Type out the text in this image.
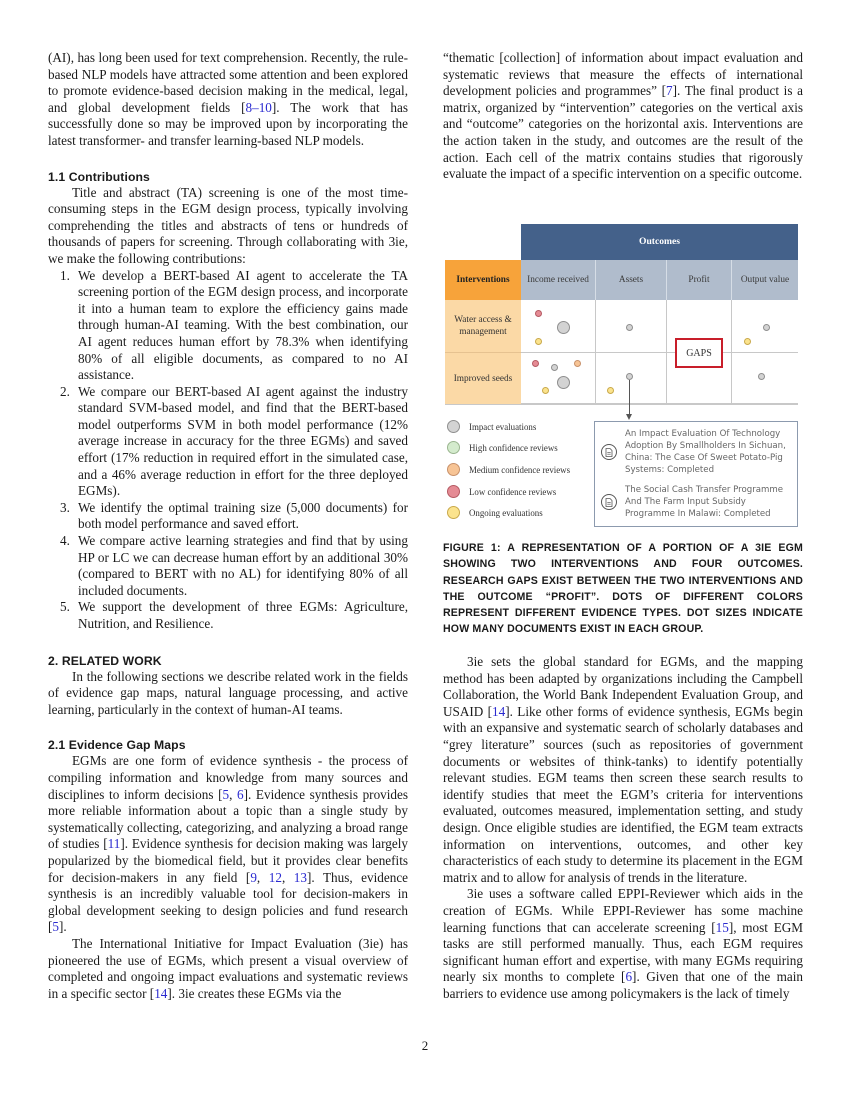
(AI), has long been used for text comprehension. Recently, the rule-based NLP models have attracted some attention and been explored to promote evidence-based decision making in the medical, legal, and global development fields [8–10]. The work that has successfully done so may be improved upon by incorporating the latest transformer- and transfer learning-based NLP models.

1.1 Contributions

Title and abstract (TA) screening is one of the most time-consuming steps in the EGM design process, typically involving comprehending the titles and abstracts of tens or hundreds of thousands of papers for screening. Through collaborating with 3ie, we make the following contributions:

1. We develop a BERT-based AI agent to accelerate the TA screening portion of the EGM design process, and incorporate it into a human team to explore the efficiency gains made through human-AI teaming. With the best combination, our AI agent reduces human effort by 78.3% when identifying 80% of all eligible documents, as compared to no AI assistance.
2. We compare our BERT-based AI agent against the industry standard SVM-based model, and find that the BERT-based model outperforms SVM in both model performance (12% average increase in accuracy for the three EGMs) and saved effort (17% reduction in required effort in the simulated case, and a 46% average reduction in effort for the three deployed EGMs).
3. We identify the optimal training size (5,000 documents) for both model performance and saved effort.
4. We compare active learning strategies and find that by using HP or LC we can decrease human effort by an additional 30% (compared to BERT with no AL) for identifying 80% of all included documents.
5. We support the development of three EGMs: Agriculture, Nutrition, and Resilience.
2. RELATED WORK

In the following sections we describe related work in the fields of evidence gap maps, natural language processing, and active learning, particularly in the context of human-AI teams.

2.1 Evidence Gap Maps

EGMs are one form of evidence synthesis - the process of compiling information and knowledge from many sources and disciplines to inform decisions [5, 6]. Evidence synthesis provides more reliable information about a topic than a single study by systematically collecting, categorizing, and analyzing a broad range of studies [11]. Evidence synthesis for decision making was largely popularized by the biomedical field, but it provides clear benefits for decision-makers in any field [9, 12, 13]. Thus, evidence synthesis is an incredibly valuable tool for decision-makers in global development seeking to design policies and fund research [5].

The International Initiative for Impact Evaluation (3ie) has pioneered the use of EGMs, which present a visual overview of completed and ongoing impact evaluations and systematic reviews in a specific sector [14]. 3ie creates these EGMs via the

“thematic [collection] of information about impact evaluation and systematic reviews that measure the effects of international development policies and programmes” [7]. The final product is a matrix, organized by “intervention” categories on the vertical axis and “outcome” categories on the horizontal axis. Interventions are the action taken in the study, and outcomes are the result of the action. Each cell of the matrix contains studies that rigorously evaluate the impact of a specific intervention on a specific outcome.

Outcomes
Interventions	Income received	Assets	Profit	Output value
Water access & management
Improved seeds
GAPS
Impact evaluations
High confidence reviews
Medium confidence reviews
Low confidence reviews
Ongoing evaluations
An Impact Evaluation Of Technology Adoption By Smallholders In Sichuan, China: The Case Of Sweet Potato-Pig Systems: Completed
The Social Cash Transfer Programme And The Farm Input Subsidy Programme In Malawi: Completed
FIGURE 1: A REPRESENTATION OF A PORTION OF A 3IE EGM SHOWING TWO INTERVENTIONS AND FOUR OUTCOMES. RESEARCH GAPS EXIST BETWEEN THE TWO INTERVENTIONS AND THE OUTCOME “PROFIT”. DOTS OF DIFFERENT COLORS REPRESENT DIFFERENT EVIDENCE TYPES. DOT SIZES INDICATE HOW MANY DOCUMENTS EXIST IN EACH GROUP.

3ie sets the global standard for EGMs, and the mapping method has been adapted by organizations including the Campbell Collaboration, the World Bank Independent Evaluation Group, and USAID [14]. Like other forms of evidence synthesis, EGMs begin with an expansive and systematic search of scholarly databases and “grey literature” sources (such as repositories of government documents or websites of think-tanks) to identify potentially relevant studies. EGM teams then screen these search results to identify studies that meet the EGM’s criteria for interventions evaluated, outcomes measured, implementation setting, and study design. Once eligible studies are identified, the EGM team extracts information on interventions, outcomes, and other key characteristics of each study to determine its placement in the EGM matrix and to allow for analysis of trends in the literature.

3ie uses a software called EPPI-Reviewer which aids in the creation of EGMs. While EPPI-Reviewer has some machine learning functions that can accelerate screening [15], most EGM tasks are still performed manually. Thus, each EGM requires significant human effort and expertise, with many EGMs requiring nearly six months to complete [6]. Given that one of the main barriers to evidence use among policymakers is the lack of timely

2
